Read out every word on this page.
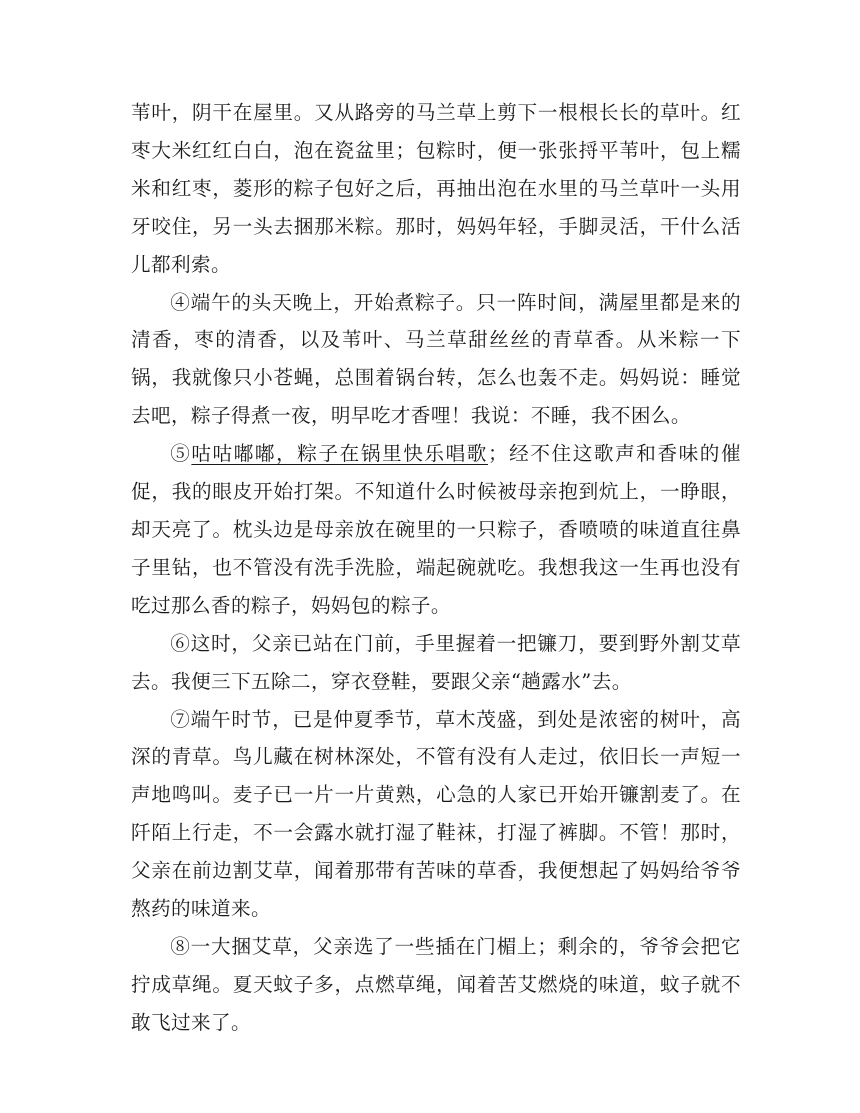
苇叶，阴干在屋里。又从路旁的马兰草上剪下一根根长长的草叶。红枣大米红红白白，泡在瓷盆里；包粽时，便一张张捋平苇叶，包上糯米和红枣，菱形的粽子包好之后，再抽出泡在水里的马兰草叶一头用牙咬住，另一头去捆那米粽。那时，妈妈年轻，手脚灵活，干什么活儿都利索。

④端午的头天晚上，开始煮粽子。只一阵时间，满屋里都是来的清香，枣的清香，以及苇叶、马兰草甜丝丝的青草香。从米粽一下锅，我就像只小苍蝇，总围着锅台转，怎么也轰不走。妈妈说：睡觉去吧，粽子得煮一夜，明早吃才香哩！我说：不睡，我不困么。

⑤咕咕嘟嘟，粽子在锅里快乐唱歌；经不住这歌声和香味的催促，我的眼皮开始打架。不知道什么时候被母亲抱到炕上，一睁眼，却天亮了。枕头边是母亲放在碗里的一只粽子，香喷喷的味道直往鼻子里钻，也不管没有洗手洗脸，端起碗就吃。我想我这一生再也没有吃过那么香的粽子，妈妈包的粽子。

⑥这时，父亲已站在门前，手里握着一把镰刀，要到野外割艾草去。我便三下五除二，穿衣登鞋，要跟父亲“趟露水”去。

⑦端午时节，已是仲夏季节，草木茂盛，到处是浓密的树叶，高深的青草。鸟儿藏在树林深处，不管有没有人走过，依旧长一声短一声地鸣叫。麦子已一片一片黄熟，心急的人家已开始开镰割麦了。在阡陌上行走，不一会露水就打湿了鞋袜，打湿了裤脚。不管！那时，父亲在前边割艾草，闻着那带有苦味的草香，我便想起了妈妈给爷爷熬药的味道来。

⑧一大捆艾草，父亲选了一些插在门楣上；剩余的，爷爷会把它拧成草绳。夏天蚊子多，点燃草绳，闻着苦艾燃烧的味道，蚊子就不敢飞过来了。
